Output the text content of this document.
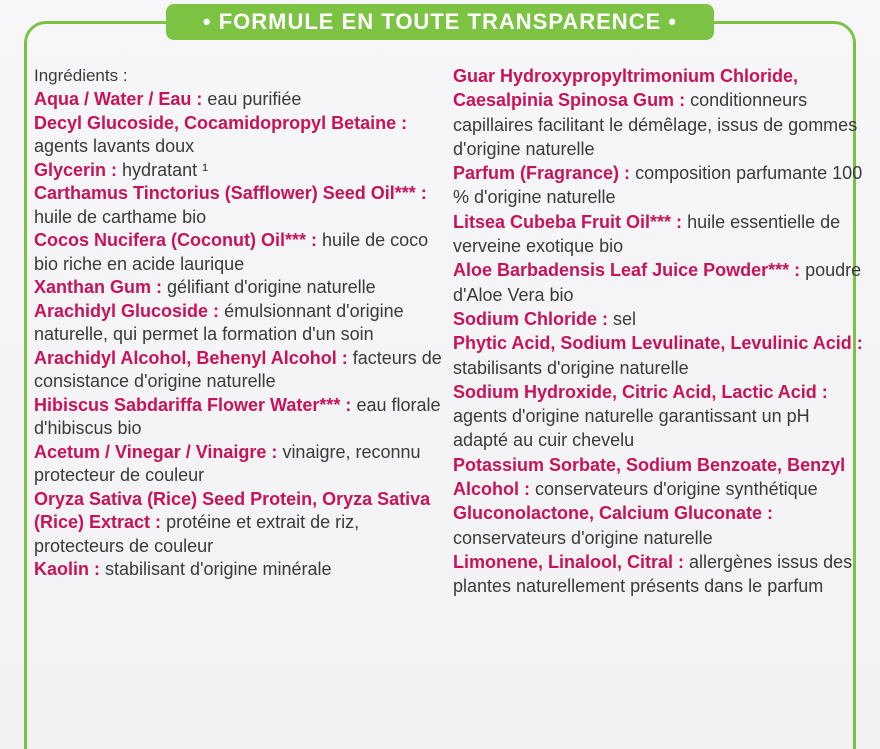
• FORMULE EN TOUTE TRANSPARENCE •

Ingrédients :

Aqua / Water / Eau : eau purifiée

Decyl Glucoside, Cocamidopropyl Betaine : agents lavants doux

Glycerin : hydratant ¹

Carthamus Tinctorius (Safflower) Seed Oil*** : huile de carthame bio

Cocos Nucifera (Coconut) Oil*** : huile de coco bio riche en acide laurique

Xanthan Gum : gélifiant d'origine naturelle

Arachidyl Glucoside : émulsionnant d'origine naturelle, qui permet la formation d'un soin

Arachidyl Alcohol, Behenyl Alcohol : facteurs de consistance d'origine naturelle

Hibiscus Sabdariffa Flower Water*** : eau florale d'hibiscus bio

Acetum / Vinegar / Vinaigre : vinaigre, reconnu protecteur de couleur

Oryza Sativa (Rice) Seed Protein, Oryza Sativa (Rice) Extract : protéine et extrait de riz, protecteurs de couleur

Kaolin : stabilisant d'origine minérale

Guar Hydroxypropyltrimonium Chloride, Caesalpinia Spinosa Gum : conditionneurs capillaires facilitant le démêlage, issus de gommes d'origine naturelle

Parfum (Fragrance) : composition parfumante 100 % d'origine naturelle

Litsea Cubeba Fruit Oil*** : huile essentielle de verveine exotique bio

Aloe Barbadensis Leaf Juice Powder*** : poudre d'Aloe Vera bio

Sodium Chloride : sel

Phytic Acid, Sodium Levulinate, Levulinic Acid : stabilisants d'origine naturelle

Sodium Hydroxide, Citric Acid, Lactic Acid : agents d'origine naturelle garantissant un pH adapté au cuir chevelu

Potassium Sorbate, Sodium Benzoate, Benzyl Alcohol : conservateurs d'origine synthétique

Gluconolactone, Calcium Gluconate : conservateurs d'origine naturelle

Limonene, Linalool, Citral : allergènes issus des plantes naturellement présents dans le parfum
